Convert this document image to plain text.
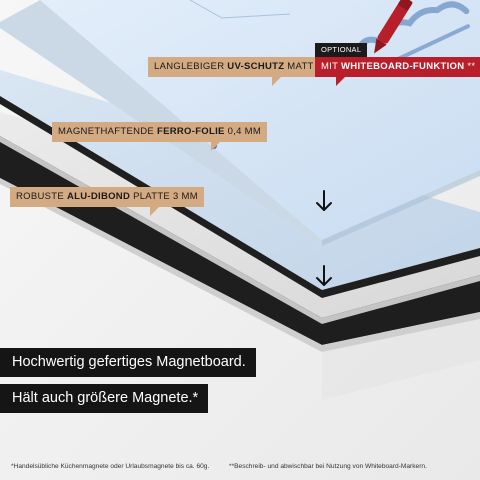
LANGLEBIGER UV-SCHUTZ MATT
OPTIONAL
MIT WHITEBOARD-FUNKTION **
MAGNETHAFTENDE FERRO-FOLIE 0,4 MM
ROBUSTE ALU-DIBOND PLATTE 3 MM
Hochwertig gefertiges Magnetboard.
Hält auch größere Magnete.*
*Handelsübliche Küchenmagnete oder Urlaubsmagnete bis ca. 60g.	**Beschreib- und abwischbar bei Nutzung von Whiteboard-Markern.
